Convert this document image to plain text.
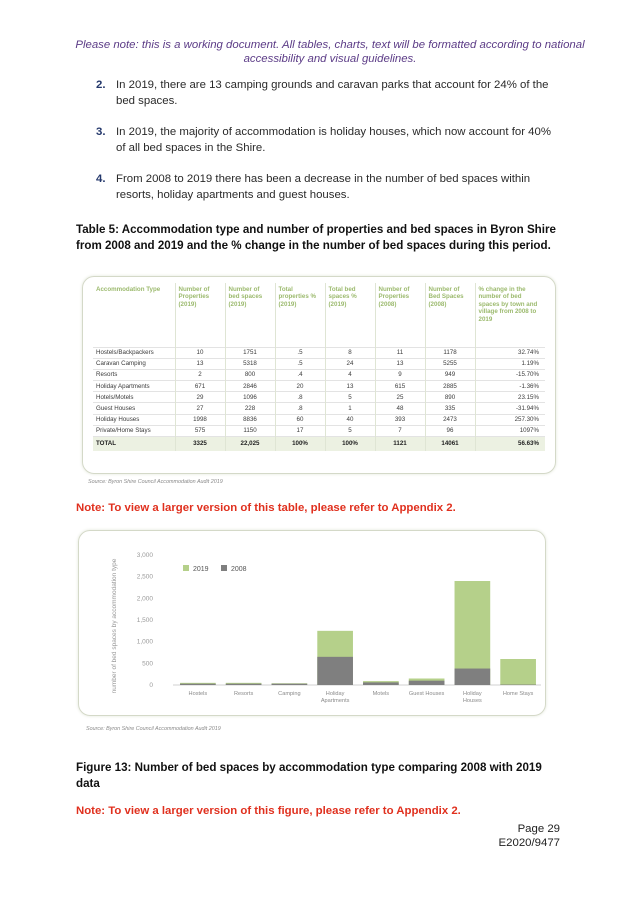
Please note: this is a working document. All tables, charts, text will be formatted according to national accessibility and visual guidelines.
2. In 2019, there are 13 camping grounds and caravan parks that account for 24% of the bed spaces.
3. In 2019, the majority of accommodation is holiday houses, which now account for 40% of all bed spaces in the Shire.
4. From 2008 to 2019 there has been a decrease in the number of bed spaces within resorts, holiday apartments and guest houses.
Table 5: Accommodation type and number of properties and bed spaces in Byron Shire from 2008 and 2019 and the % change in the number of bed spaces during this period.
Accommodation Type	Number of Properties (2019)	Number of bed spaces (2019)	Total properties % (2019)	Total bed spaces % (2019)	Number of Properties (2008)	Number of Bed Spaces (2008)	% change in the number of bed spaces by town and village from 2008 to 2019
Hostels/Backpackers	10	1751	.5	8	11	1178	32.74%
Caravan Camping	13	5318	.5	24	13	5255	1.19%
Resorts	2	800	.4	4	9	949	-15.70%
Holiday Apartments	671	2846	20	13	615	2885	-1.36%
Hotels/Motels	29	1096	.8	5	25	890	23.15%
Guest Houses	27	228	.8	1	48	335	-31.94%
Holiday Houses	1998	8836	60	40	393	2473	257.30%
Private/Home Stays	575	1150	17	5	7	96	1097%
TOTAL	3325	22,025	100%	100%	1121	14061	56.63%
Source: Byron Shire Council Accommodation Audit 2019
Note: To view a larger version of this table, please refer to Appendix 2.
0
500
1,000
1,500
2,000
2,500
3,000
number of bed spaces by accommodation type	2019	2008
Hostels	Resorts	Camping	Holiday
Apartments
Motels	Guest Houses	Holiday
Houses
Home Stays
Source: Byron Shire Council Accommodation Audit 2019
Figure 13: Number of bed spaces by accommodation type comparing 2008 with 2019 data
Note: To view a larger version of this figure, please refer to Appendix 2.
Page 29
E2020/9477
